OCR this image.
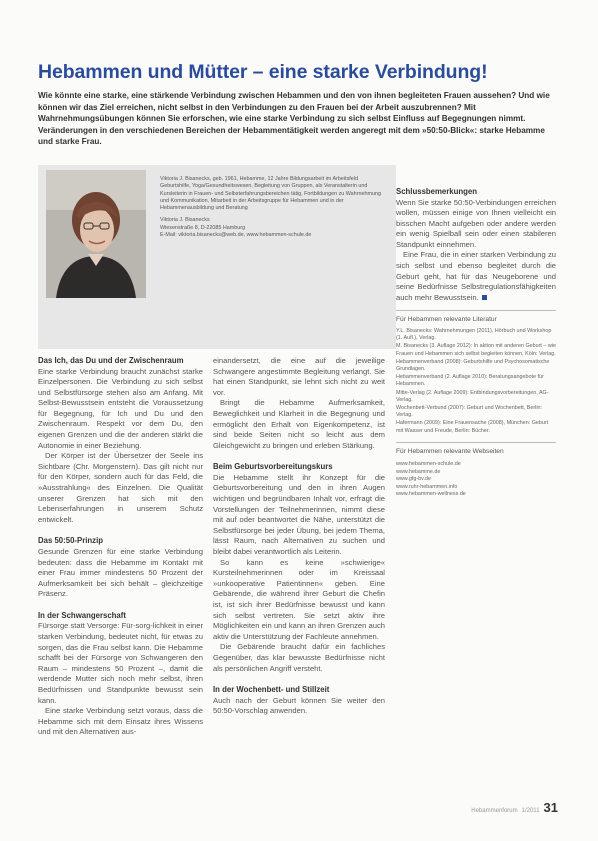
Hebammen und Mütter – eine starke Verbindung!
Wie könnte eine starke, eine stärkende Verbindung zwischen Hebammen und den von ihnen begleiteten Frauen aussehen? Und wie können wir das Ziel erreichen, nicht selbst in den Verbindungen zu den Frauen bei der Arbeit auszubrennen? Mit Wahrnehmungsübungen können Sie erforschen, wie eine starke Verbindung zu sich selbst Einfluss auf Begegnungen nimmt. Veränderungen in den verschiedenen Bereichen der Hebammentätigkeit werden angeregt mit dem »50:50-Blick«: starke Hebamme und starke Frau.
Viktoria J. Bisanecks, geb. 1961, Hebamme, 12 Jahre Bildungsarbeit im Arbeitsfeld Geburtshilfe, Yoga/Gesundheitswesen, Begleitung von Gruppen, als Veranstalterin und Kursleiterin in Frauen- und Selbsterfahrungsbereichen tätig, Fortbildungen zu Wahrnehmung und Kommunikation, Mitarbeit in der Arbeitsgruppe für Hebammen und in der Hebammenausbildung und Beratung
Viktoria J. Bisanecks
Wiesenstraße 8, D-22085 Hamburg
E-Mail: viktoria.bisanecks@web.de, www.hebammen-schule.de
Das Ich, das Du und der Zwischenraum

Eine starke Verbindung braucht zunächst starke Einzelpersonen. Die Verbindung zu sich selbst und Selbstfürsorge stehen also am Anfang. Mit Selbst-Bewusstsein entsteht die Voraussetzung für Begegnung, für Ich und Du und den Zwischenraum. Respekt vor dem Du, den eigenen Grenzen und die der anderen stärkt die Autonomie in einer Beziehung.

Der Körper ist der Übersetzer der Seele ins Sichtbare (Chr. Morgenstern). Das gilt nicht nur für den Körper, sondern auch für das Feld, die »Ausstrahlung« des Einzelnen. Die Qualität unserer Grenzen hat sich mit den Lebenserfahrungen in unserem Schutz entwickelt.

Das 50:50-Prinzip

Gesunde Grenzen für eine starke Verbindung bedeuten: dass die Hebamme im Kontakt mit einer Frau immer mindestens 50 Prozent der Aufmerksamkeit bei sich behält – gleichzeitige Präsenz.

In der Schwangerschaft

Fürsorge statt Versorge: Für-sorg-lichkeit in einer starken Verbindung, bedeutet nicht, für etwas zu sorgen, das die Frau selbst kann. Die Hebamme schafft bei der Fürsorge von Schwangeren den Raum – mindestens 50 Prozent –, damit die werdende Mutter sich noch mehr selbst, ihren Bedürfnissen und Standpunkte bewusst sein kann.

Eine starke Verbindung setzt voraus, dass die Hebamme sich mit dem Einsatz ihres Wissens und mit den Alternativen aus-

einandersetzt, die eine auf die jeweilige Schwangere angestimmte Begleitung verlangt. Sie hat einen Standpunkt, sie lehnt sich nicht zu weit vor.

Bringt die Hebamme Aufmerksamkeit, Beweglichkeit und Klarheit in die Begegnung und ermöglicht den Erhalt von Eigenkompetenz, ist sind beide Seiten nicht so leicht aus dem Gleichgewicht zu bringen und erleben Stärkung.

Beim Geburtsvorbereitungskurs

Die Hebamme stellt ihr Konzept für die Geburtsvorbereitung und den in ihren Augen wichtigen und begründbaren Inhalt vor, erfragt die Vorstellungen der Teilnehmerinnen, nimmt diese mit auf oder beantwortet die Nähe, unterstützt die Selbstfürsorge bei jeder Übung, bei jedem Thema, lässt Raum, nach Alternativen zu suchen und bleibt dabei verantwortlich als Leiterin.

So kann es keine »schwierige« Kursteilnehmerinnen oder im Kreissaal »unkooperative Patientinnen« geben. Eine Gebärende, die während ihrer Geburt die Chefin ist, ist sich ihrer Bedürfnisse bewusst und kann sich selbst vertreten. Sie setzt aktiv ihre Möglichkeiten ein und kann an ihren Grenzen auch aktiv die Unterstützung der Fachleute annehmen.

Die Gebärende braucht dafür ein fachliches Gegenüber, das klar bewusste Bedürfnisse nicht als persönlichen Angriff versteht.

In der Wochenbett- und Stillzeit

Auch nach der Geburt können Sie weiter den 50:50-Vorschlag anwenden.

Schlussbemerkungen

Wenn Sie starke 50:50-Verbindungen erreichen wollen, müssen einige von Ihnen vielleicht ein bisschen Macht aufgeben oder andere werden ein wenig Spielball sein oder einen stabileren Standpunkt einnehmen.

Eine Frau, die in einer starken Verbindung zu sich selbst und ebenso begleitet durch die Geburt geht, hat für das Neugeborene und seine Bedürfnisse Selbstregulationsfähigkeiten auch mehr Bewusstsein.

Für Hebammen relevante Literatur
Y.L. Bisanecks: Wahrnehmungen (2011), Hörbuch und Workshop (1. Aufl.), Verlag.
M. Bisanecks (3. Auflage 2012): In aktion mit anderen Geburt – wie Frauen und Hebammen sich selbst begleiten können, Köln: Verlag.
Hebammenverband (2008): Geburtshilfe und Psychosomatische Grundlagen.
Hebammenverband (2. Auflage 2010): Beratungsangebote für Hebammen.
Mitte-Verlag (2. Auflage 2009): Entbindungsvorbereitungen, AG-Verlag.
Wochenbett-Verbund (2007): Geburt und Wochenbett, Berlin: Verlag.
Hafermann (2009): Eine Frauensache (2008), München: Geburt mit Wasser und Freude, Berlin: Bücher.
Für Hebammen relevante Webseiten
www.hebammen-schule.de
www.hebamme.de
www.gfg-bv.de
www.ruhr-hebammen.info
www.hebammen-wellness.de
Hebammenforum 1/2011 31
